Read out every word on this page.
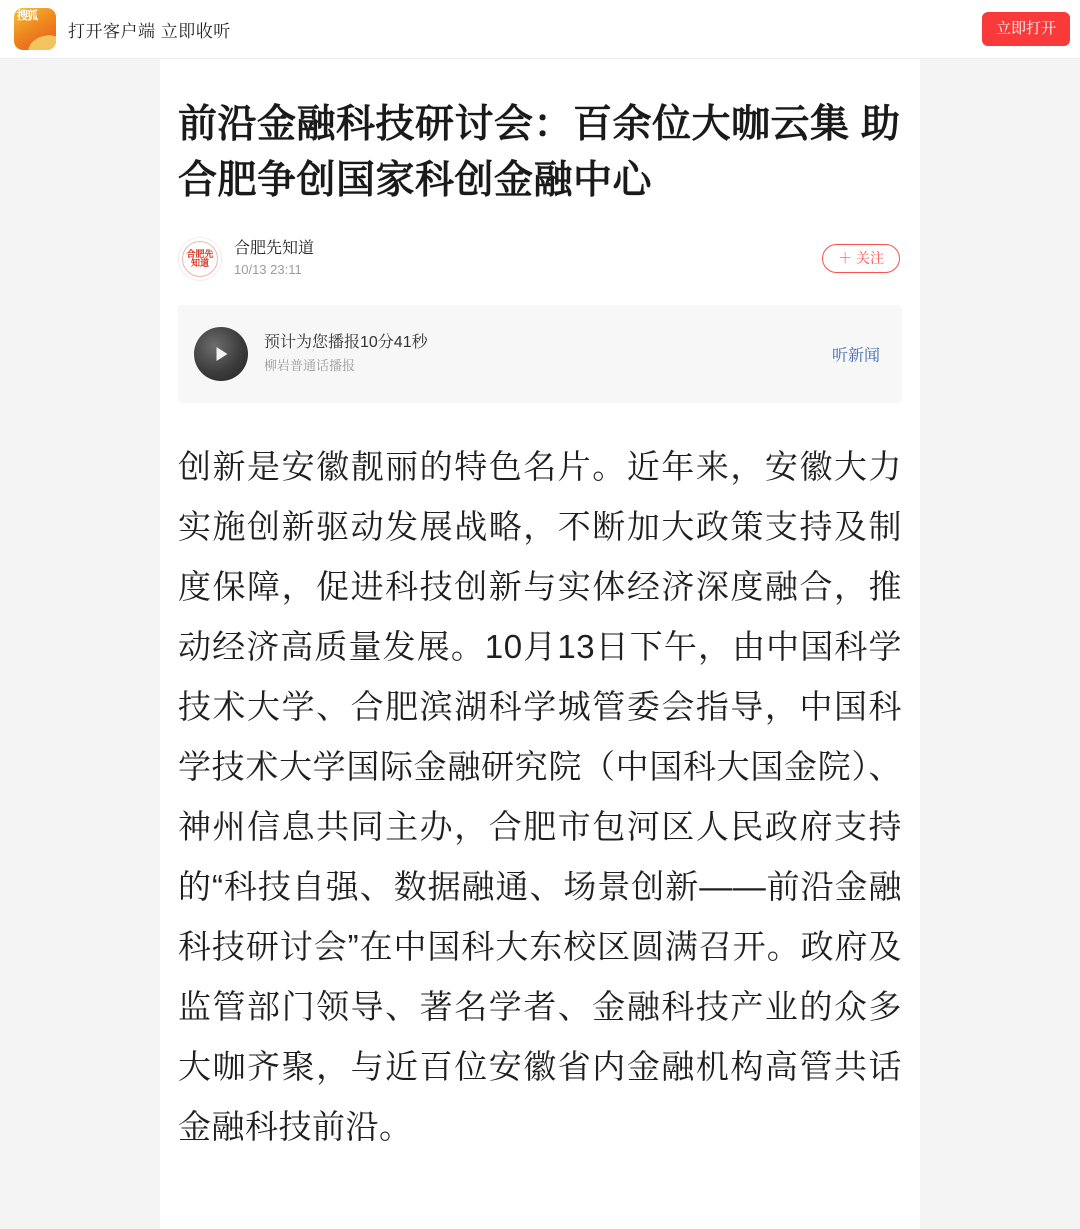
搜狐
打开客户端 立即收听	立即打开
前沿金融科技研讨会：百余位大咖云集 助合肥争创国家科创金融中心
合肥先知道
合肥先知道
10/13 23:11
＋ 关注
预计为您播报10分41秒
柳岩普通话播报
听新闻

创新是安徽靓丽的特色名片。近年来，安徽大力实施创新驱动发展战略，不断加大政策支持及制度保障，促进科技创新与实体经济深度融合，推动经济高质量发展。10月13日下午，由中国科学技术大学、合肥滨湖科学城管委会指导，中国科学技术大学国际金融研究院（中国科大国金院）、神州信息共同主办，合肥市包河区人民政府支持的“科技自强、数据融通、场景创新——前沿金融科技研讨会”在中国科大东校区圆满召开。政府及监管部门领导、著名学者、金融科技产业的众多大咖齐聚，与近百位安徽省内金融机构高管共话金融科技前沿。
